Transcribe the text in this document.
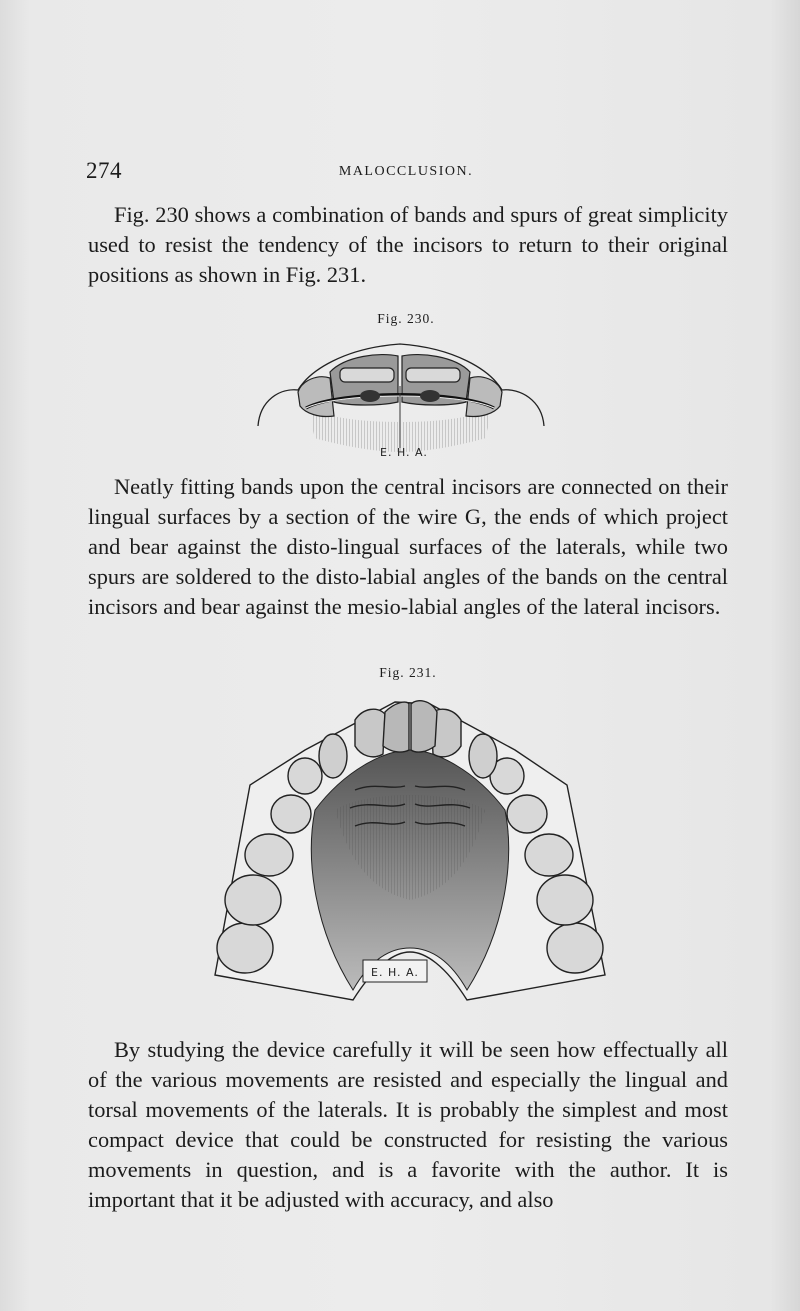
274	MALOCCLUSION.

Fig. 230 shows a combination of bands and spurs of great simplicity used to resist the tendency of the incisors to return to their original positions as shown in Fig. 231.

Fig. 230.
E. H. A.

Neatly fitting bands upon the central incisors are connected on their lingual surfaces by a section of the wire G, the ends of which project and bear against the disto-lingual surfaces of the laterals, while two spurs are soldered to the disto-labial angles of the bands on the central incisors and bear against the mesio-labial angles of the lateral incisors.

Fig. 231.
E. H. A.

By studying the device carefully it will be seen how effectually all of the various movements are resisted and especially the lingual and torsal movements of the laterals. It is probably the simplest and most compact device that could be constructed for resisting the various movements in question, and is a favorite with the author. It is important that it be adjusted with accuracy, and also
